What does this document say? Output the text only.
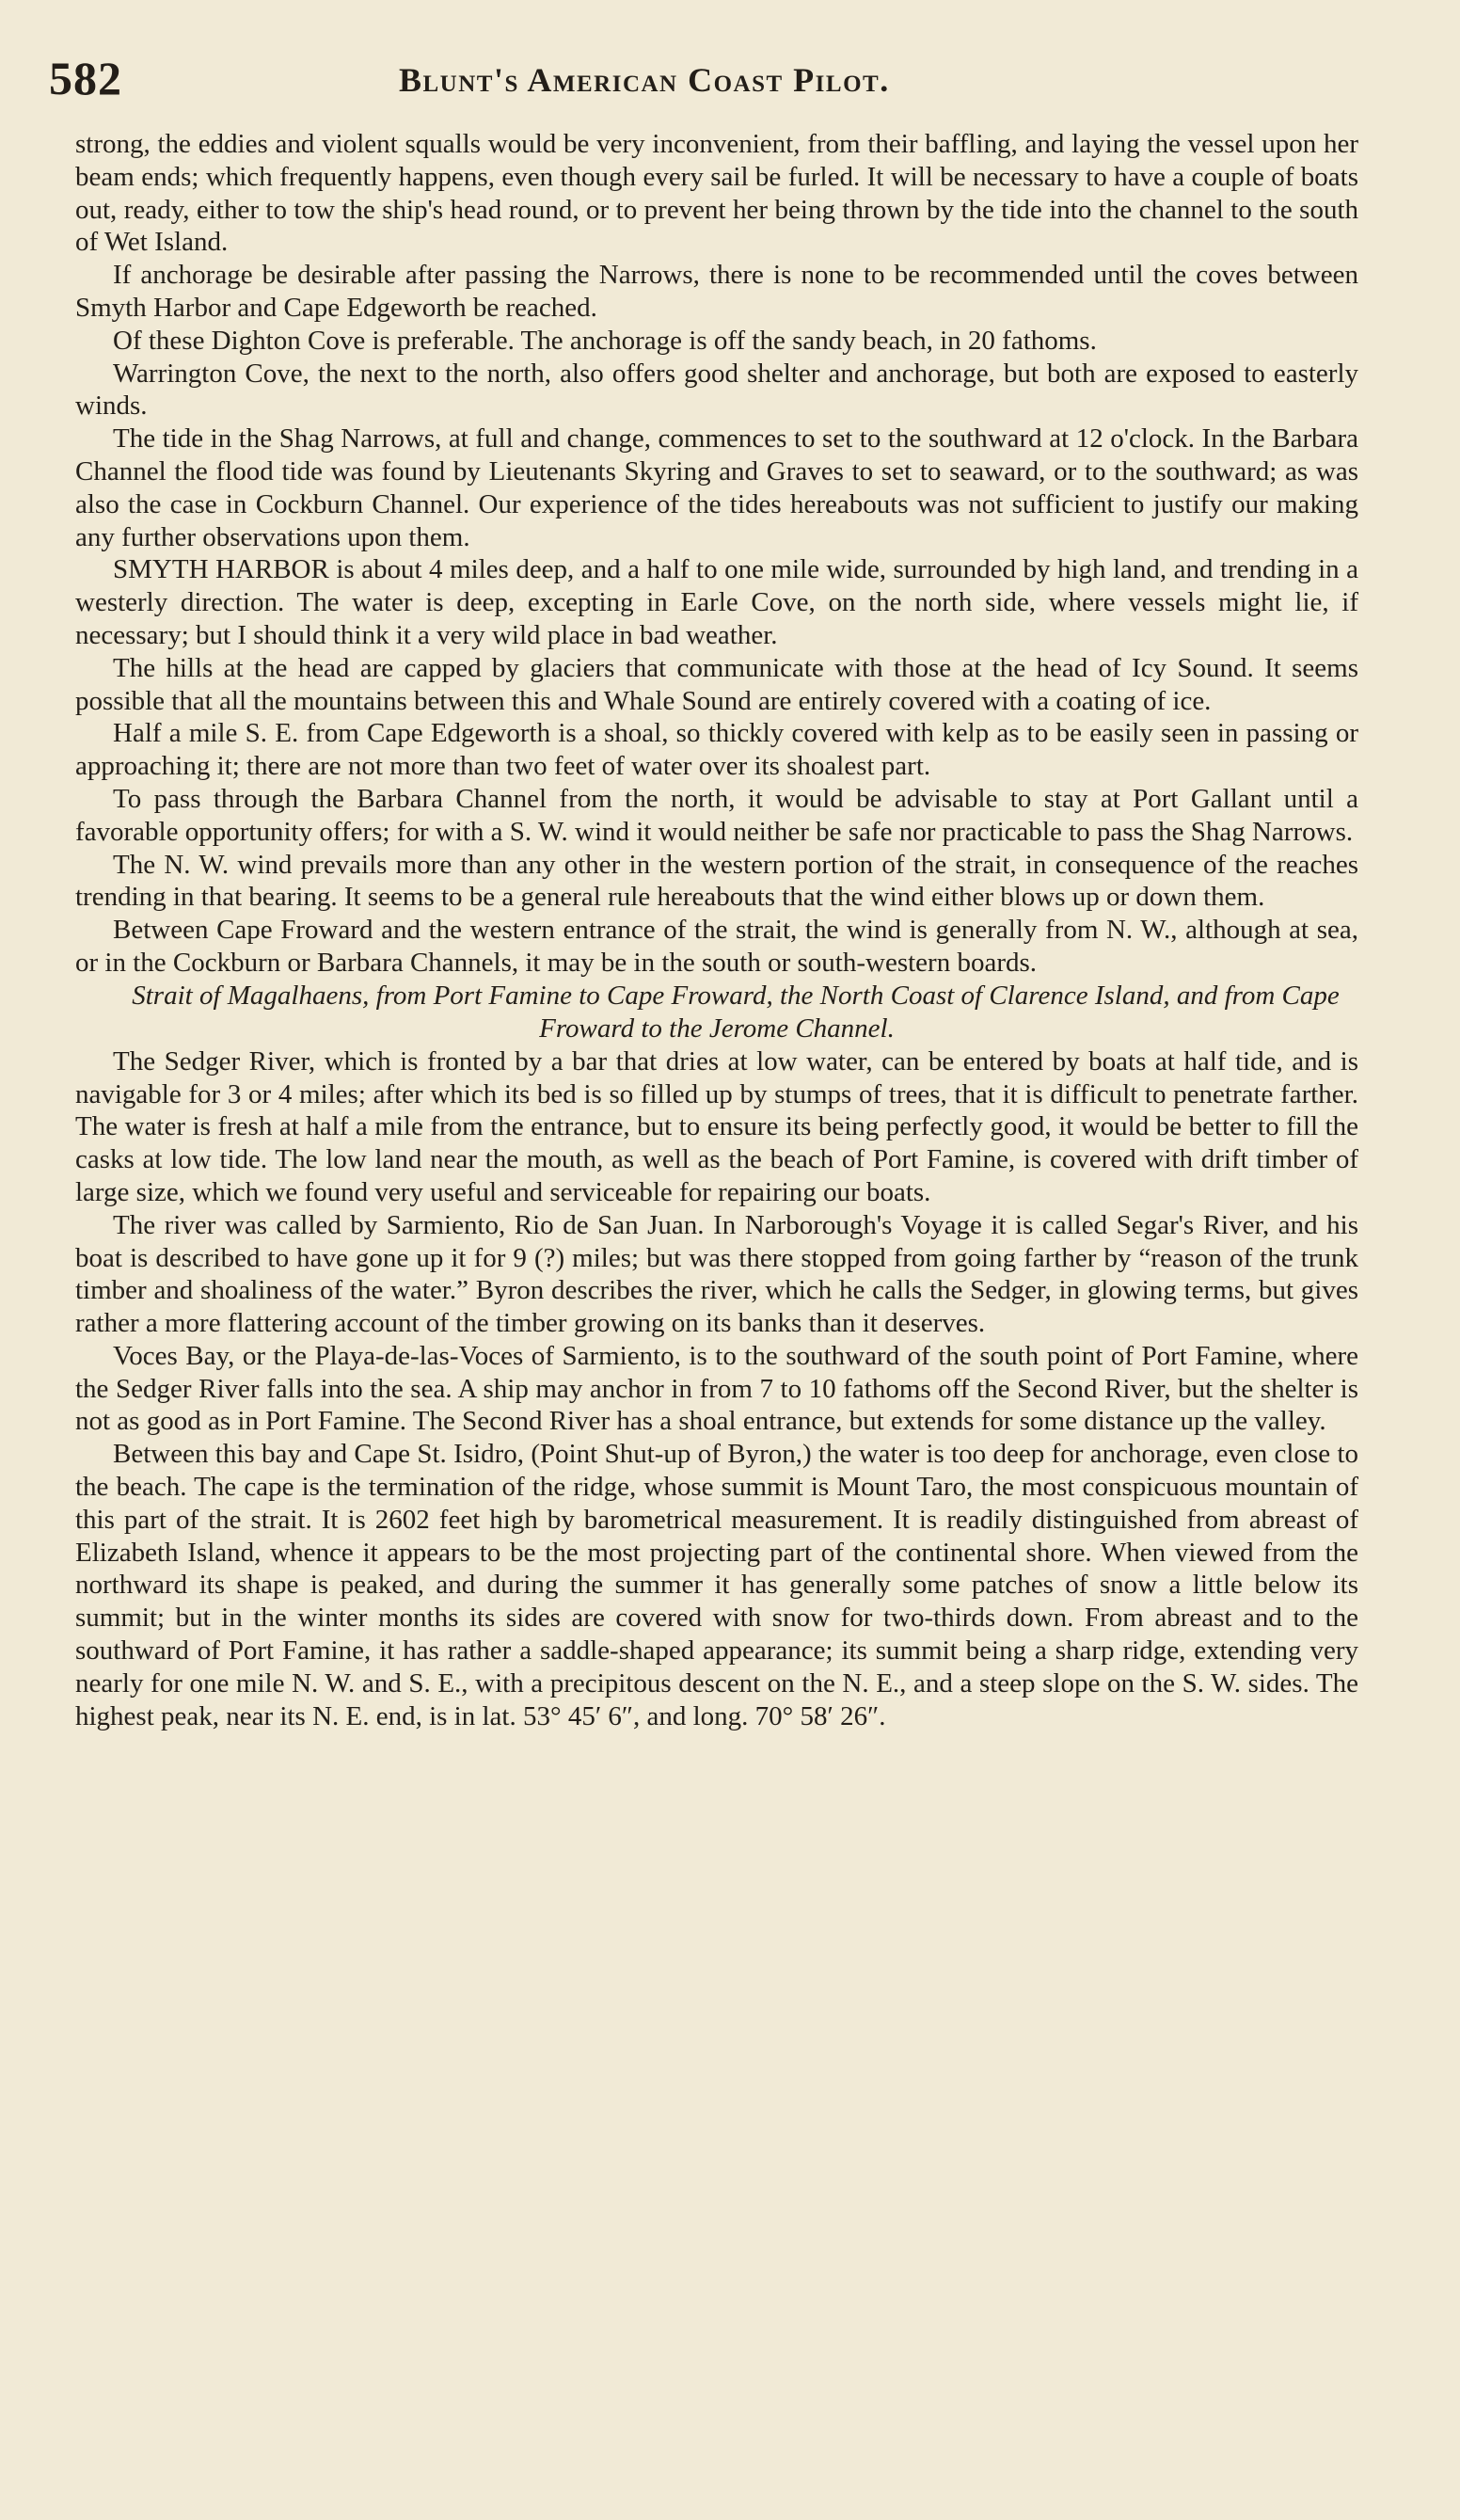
582	Blunt's American Coast Pilot.

strong, the eddies and violent squalls would be very inconvenient, from their baffling, and laying the vessel upon her beam ends; which frequently happens, even though every sail be furled. It will be necessary to have a couple of boats out, ready, either to tow the ship's head round, or to prevent her being thrown by the tide into the channel to the south of Wet Island.

If anchorage be desirable after passing the Narrows, there is none to be recommended until the coves between Smyth Harbor and Cape Edgeworth be reached.

Of these Dighton Cove is preferable. The anchorage is off the sandy beach, in 20 fathoms.

Warrington Cove, the next to the north, also offers good shelter and anchorage, but both are exposed to easterly winds.

The tide in the Shag Narrows, at full and change, commences to set to the southward at 12 o'clock. In the Barbara Channel the flood tide was found by Lieutenants Skyring and Graves to set to seaward, or to the southward; as was also the case in Cockburn Channel. Our experience of the tides hereabouts was not sufficient to justify our making any further observations upon them.

SMYTH HARBOR is about 4 miles deep, and a half to one mile wide, surrounded by high land, and trending in a westerly direction. The water is deep, excepting in Earle Cove, on the north side, where vessels might lie, if necessary; but I should think it a very wild place in bad weather.

The hills at the head are capped by glaciers that communicate with those at the head of Icy Sound. It seems possible that all the mountains between this and Whale Sound are entirely covered with a coating of ice.

Half a mile S. E. from Cape Edgeworth is a shoal, so thickly covered with kelp as to be easily seen in passing or approaching it; there are not more than two feet of water over its shoalest part.

To pass through the Barbara Channel from the north, it would be advisable to stay at Port Gallant until a favorable opportunity offers; for with a S. W. wind it would neither be safe nor practicable to pass the Shag Narrows.

The N. W. wind prevails more than any other in the western portion of the strait, in consequence of the reaches trending in that bearing. It seems to be a general rule hereabouts that the wind either blows up or down them.

Between Cape Froward and the western entrance of the strait, the wind is generally from N. W., although at sea, or in the Cockburn or Barbara Channels, it may be in the south or south-western boards.

Strait of Magalhaens, from Port Famine to Cape Froward, the North Coast of Clarence Island, and from Cape Froward to the Jerome Channel.

The Sedger River, which is fronted by a bar that dries at low water, can be entered by boats at half tide, and is navigable for 3 or 4 miles; after which its bed is so filled up by stumps of trees, that it is difficult to penetrate farther. The water is fresh at half a mile from the entrance, but to ensure its being perfectly good, it would be better to fill the casks at low tide. The low land near the mouth, as well as the beach of Port Famine, is covered with drift timber of large size, which we found very useful and serviceable for repairing our boats.

The river was called by Sarmiento, Rio de San Juan. In Narborough's Voyage it is called Segar's River, and his boat is described to have gone up it for 9 (?) miles; but was there stopped from going farther by “reason of the trunk timber and shoaliness of the water.” Byron describes the river, which he calls the Sedger, in glowing terms, but gives rather a more flattering account of the timber growing on its banks than it deserves.

Voces Bay, or the Playa-de-las-Voces of Sarmiento, is to the southward of the south point of Port Famine, where the Sedger River falls into the sea. A ship may anchor in from 7 to 10 fathoms off the Second River, but the shelter is not as good as in Port Famine. The Second River has a shoal entrance, but extends for some distance up the valley.

Between this bay and Cape St. Isidro, (Point Shut-up of Byron,) the water is too deep for anchorage, even close to the beach. The cape is the termination of the ridge, whose summit is Mount Taro, the most conspicuous mountain of this part of the strait. It is 2602 feet high by barometrical measurement. It is readily distinguished from abreast of Elizabeth Island, whence it appears to be the most projecting part of the continental shore. When viewed from the northward its shape is peaked, and during the summer it has generally some patches of snow a little below its summit; but in the winter months its sides are covered with snow for two-thirds down. From abreast and to the southward of Port Famine, it has rather a saddle-shaped appearance; its summit being a sharp ridge, extending very nearly for one mile N. W. and S. E., with a precipitous descent on the N. E., and a steep slope on the S. W. sides. The highest peak, near its N. E. end, is in lat. 53° 45′ 6″, and long. 70° 58′ 26″.
